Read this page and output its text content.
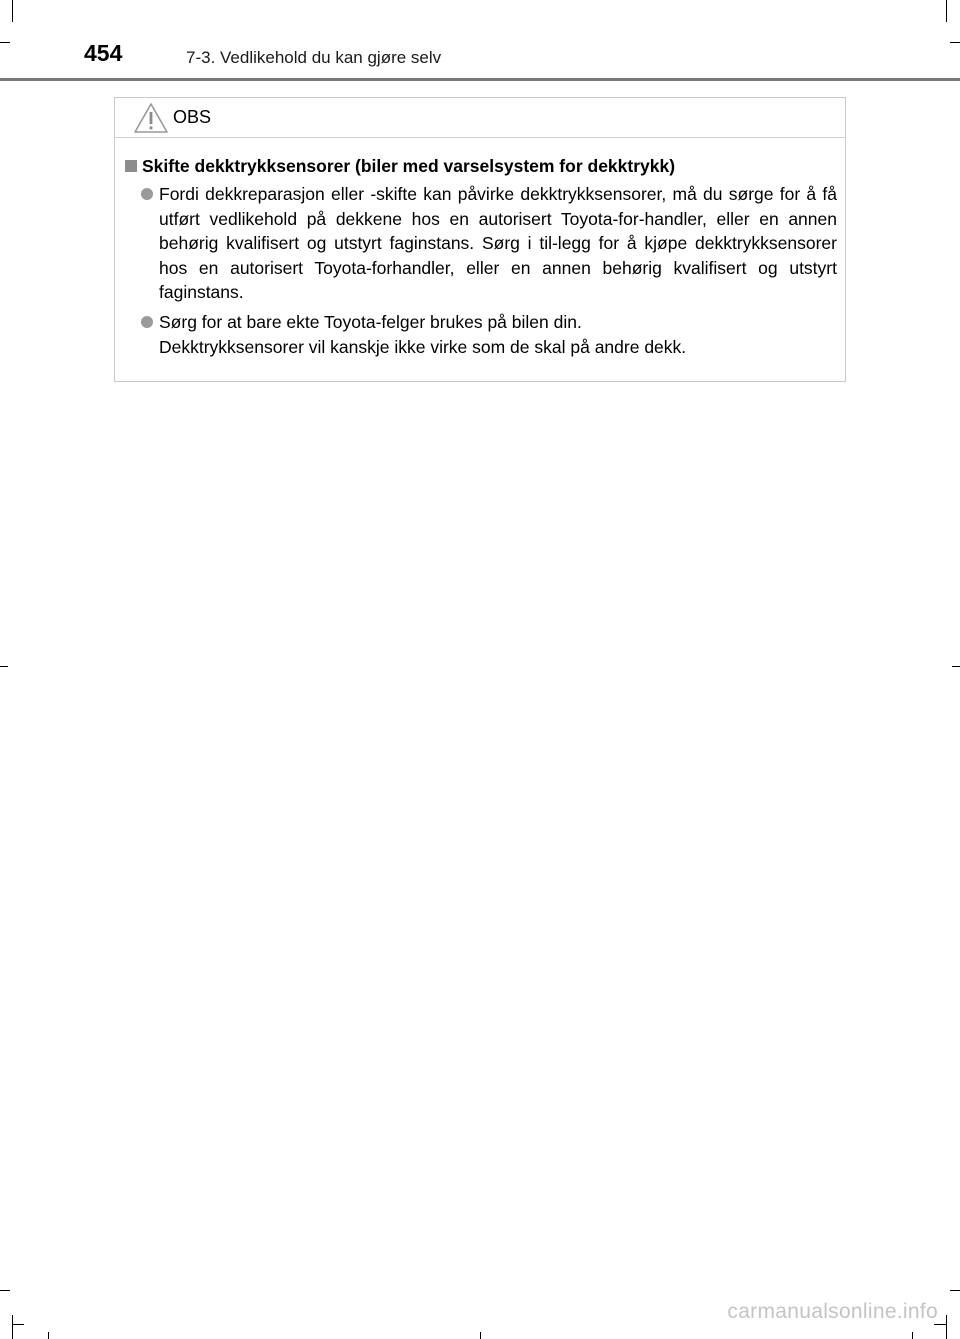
454	7-3. Vedlikehold du kan gjøre selv
OBS
Skifte dekktrykksensorer (biler med varselsystem for dekktrykk)

Fordi dekkreparasjon eller -skifte kan påvirke dekktrykksensorer, må du sørge for å få utført vedlikehold på dekkene hos en autorisert Toyota-for-handler, eller en annen behørig kvalifisert og utstyrt faginstans. Sørg i til-legg for å kjøpe dekktrykksensorer hos en autorisert Toyota-forhandler, eller en annen behørig kvalifisert og utstyrt faginstans.

Sørg for at bare ekte Toyota-felger brukes på bilen din.
Dekktrykksensorer vil kanskje ikke virke som de skal på andre dekk.

carmanualsonline.info
